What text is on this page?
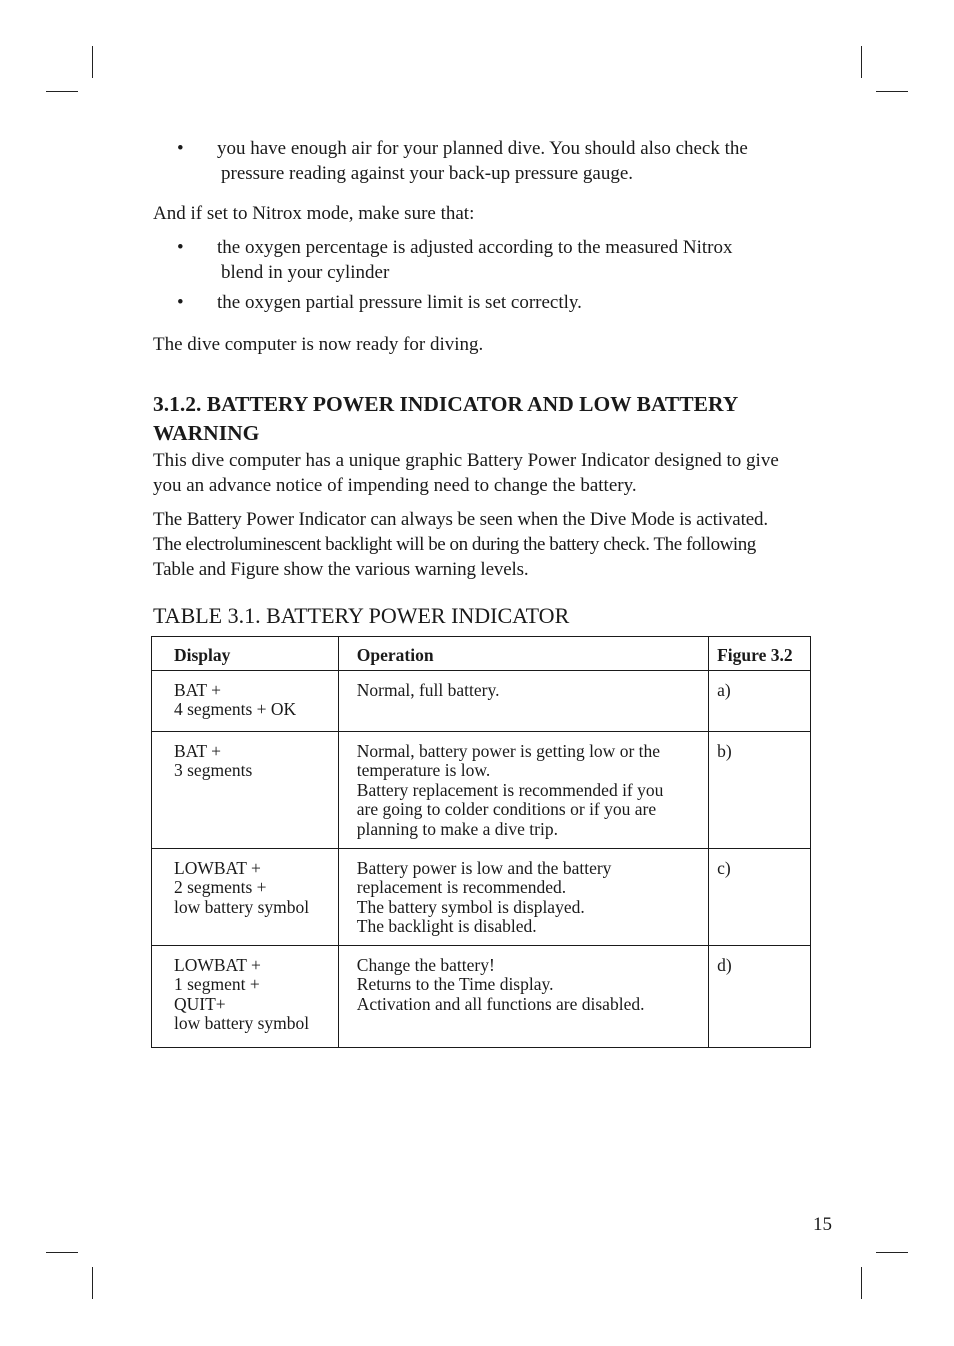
• you have enough air for your planned dive. You should also check the
pressure reading against your back-up pressure gauge.

And if set to Nitrox mode, make sure that:

• the oxygen percentage is adjusted according to the measured Nitrox
blend in your cylinder
• the oxygen partial pressure limit is set correctly.

The dive computer is now ready for diving.

3.1.2. BATTERY POWER INDICATOR AND LOW BATTERY
WARNING

This dive computer has a unique graphic Battery Power Indicator designed to give
you an advance notice of impending need to change the battery.

The Battery Power Indicator can always be seen when the Dive Mode is activated.
The electroluminescent backlight will be on during the battery check. The following
Table and Figure show the various warning levels.

TABLE 3.1. BATTERY POWER INDICATOR

Display	Operation	Figure 3.2

BAT +
4 segments + OK	Normal, full battery.	a)

BAT +
3 segments	Normal, battery power is getting low or the
temperature is low.
Battery replacement is recommended if you
are going to colder conditions or if you are
planning to make a dive trip.	b)

LOWBAT +
2 segments +
low battery symbol	Battery power is low and the battery
replacement is recommended.
The battery symbol is displayed.
The backlight is disabled.	c)

LOWBAT +
1 segment +
QUIT+
low battery symbol	Change the battery!
Returns to the Time display.
Activation and all functions are disabled.	d)
15
